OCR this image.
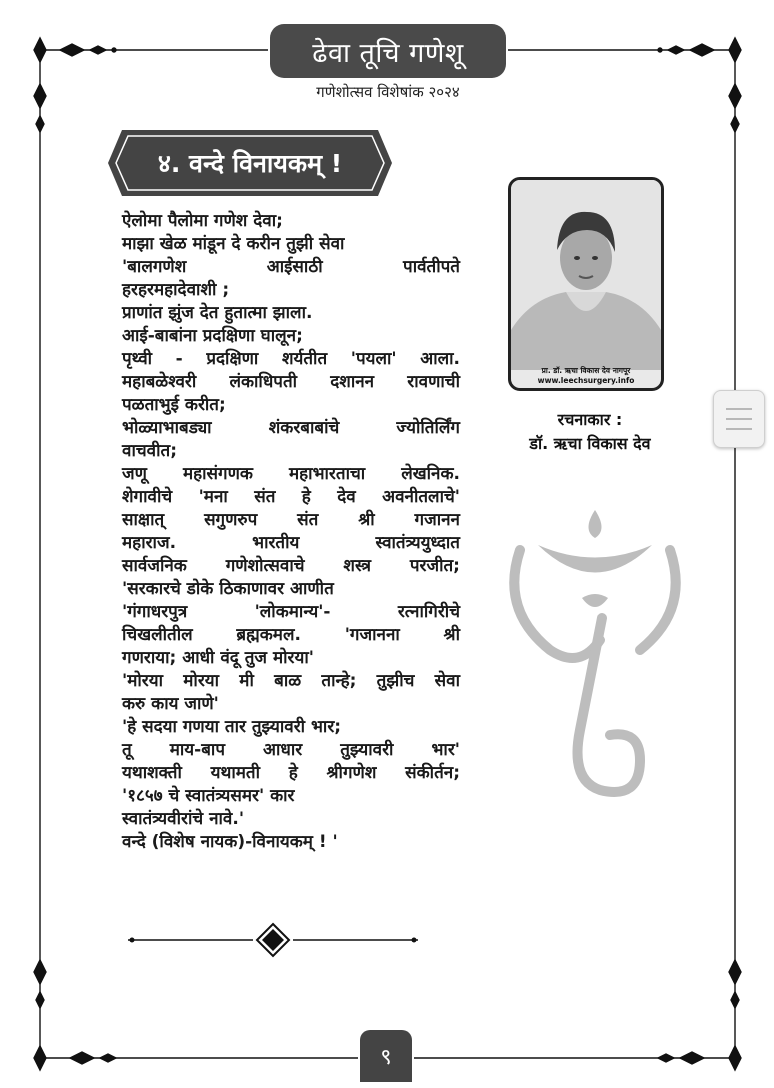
ढेवा तूचि गणेशू
गणेशोत्सव विशेषांक २०२४
४. वन्दे विनायकम् !
ऐलोमा पैलोमा गणेश देवा;
माझा खेळ मांडून दे करीन तुझी सेवा
'बालगणेश आईसाठी पार्वतीपते
हरहरमहादेवाशी ;
प्राणांत झुंज देत हुतात्मा झाला.
आई-बाबांना प्रदक्षिणा घालून;
पृथ्वी - प्रदक्षिणा शर्यतीत 'पयला' आला.
महाबळेश्वरी लंकाधिपती दशानन रावणाची
पळताभुई करीत;
भोळ्याभाबड्या शंकरबाबांचे ज्योतिर्लिंग
वाचवीत;
जणू महासंगणक महाभारताचा लेखनिक.
शेगावीचे 'मना संत हे देव अवनीतलाचे'
साक्षात् सगुणरुप संत श्री गजानन
महाराज. भारतीय स्वातंत्र्ययुध्दात
सार्वजनिक गणेशोत्सवाचे शस्त्र परजीत;
'सरकारचे डोके ठिकाणावर आणीत
'गंगाधरपुत्र 'लोकमान्य'- रत्नागिरीचे
चिखलीतील ब्रह्मकमल. 'गजानना श्री
गणराया; आधी वंदू तुज मोरया'
'मोरया मोरया मी बाळ तान्हे; तुझीच सेवा
करु काय जाणे'
'हे सदया गणया तार तुझ्यावरी भार;
तू माय-बाप आधार तुझ्यावरी भार'
यथाशक्ती यथामती हे श्रीगणेश संकीर्तन;
'१८५७ चे स्वातंत्र्यसमर' कार
स्वातंत्र्यवीरांचे नावे.'
वन्दे (विशेष नायक)-विनायकम् ! '
प्रा. डॉ. ऋचा विकास देव नागपूर
www.leechsurgery.info
रचनाकार :
डॉ. ऋचा विकास देव
९
